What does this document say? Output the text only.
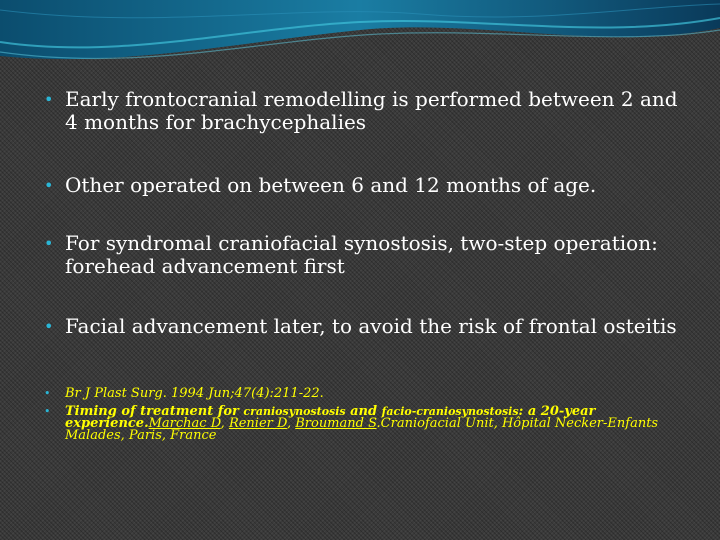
• Early frontocranial remodelling is performed between 2 and 4 months for brachycephalies

• Other operated on between 6 and 12 months of age.

• For syndromal craniofacial synostosis, two-step operation: forehead advancement first

• Facial advancement later, to avoid the risk of frontal osteitis

• Br J Plast Surg. 1994 Jun;47(4):211-22.

• Timing of treatment for craniosynostosis and facio-craniosynostosis: a 20-year experience.Marchac D, Renier D, Broumand S.Craniofacial Unit, Hôpital Necker-Enfants Malades, Paris, France
